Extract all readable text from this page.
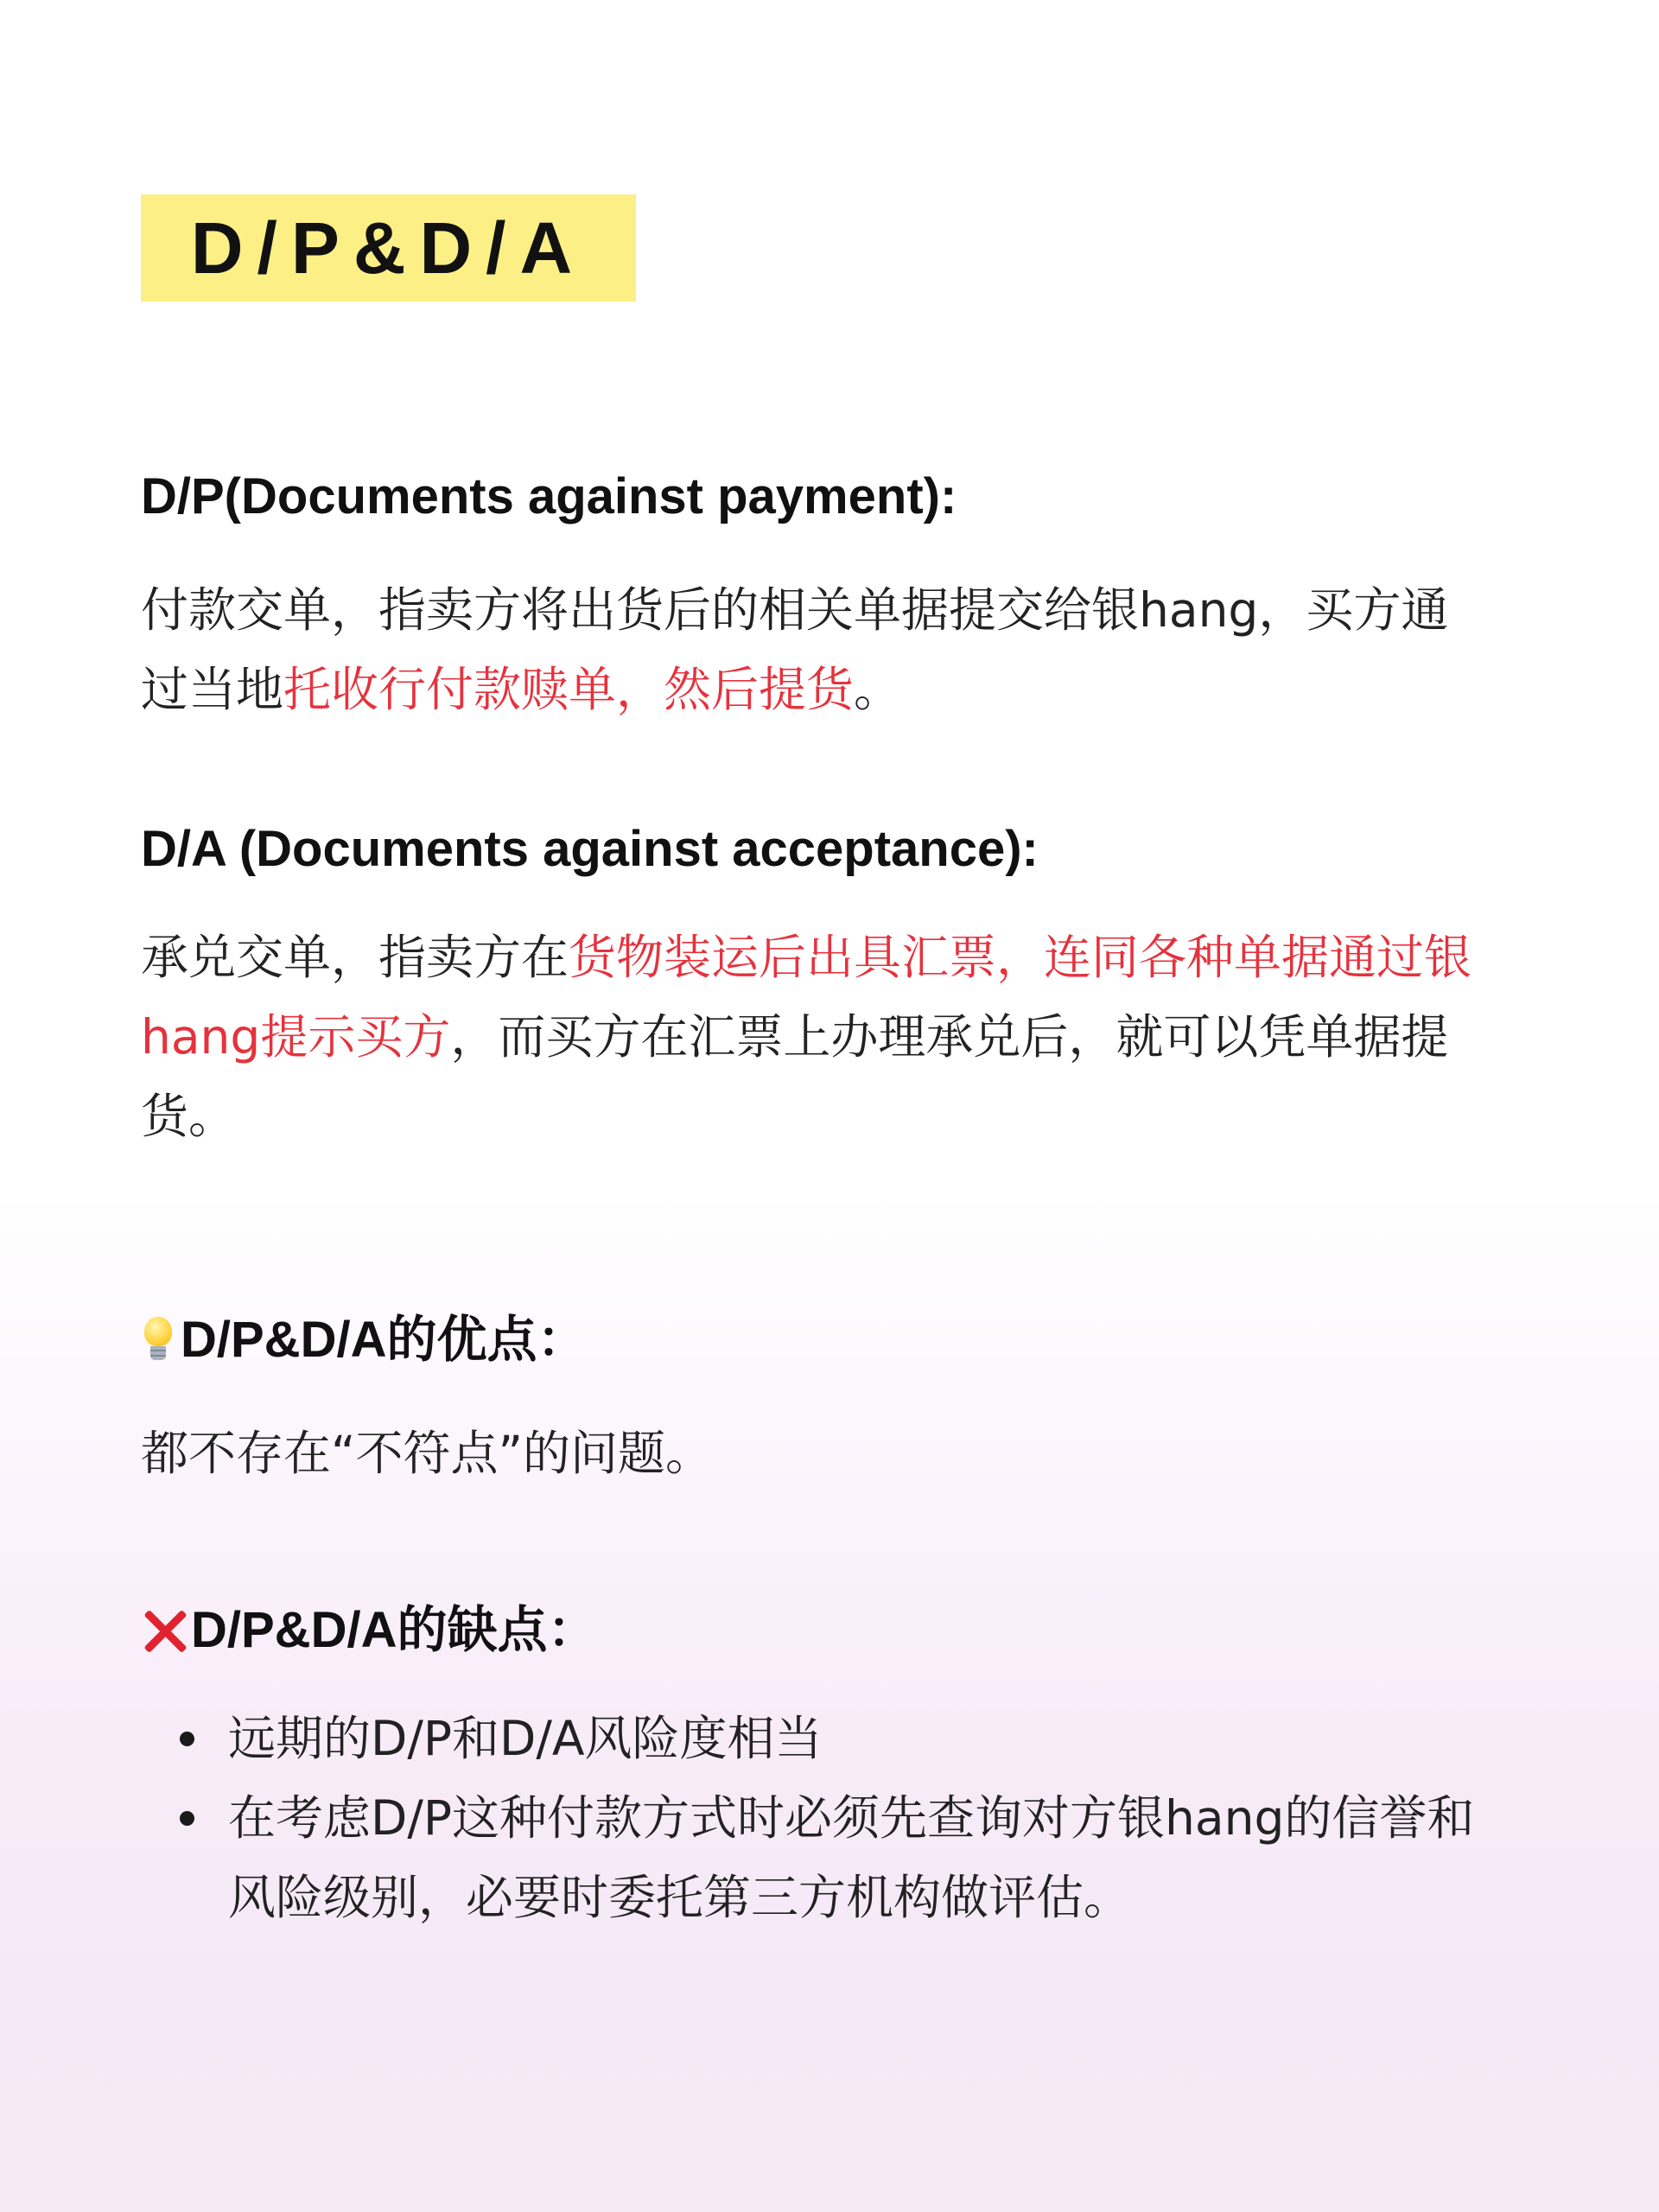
D/P&D/A
D/P(Documents against payment):
付款交单，指卖方将出货后的相关单据提交给银hang，买方通过当地托收行付款赎单，然后提货。
D/A (Documents against acceptance):
承兑交单，指卖方在货物装运后出具汇票，连同各种单据通过银hang提示买方，而买方在汇票上办理承兑后，就可以凭单据提货。
D/P&D/A的优点：
都不存在“不符点”的问题。
D/P&D/A的缺点：
远期的D/P和D/A风险度相当
在考虑D/P这种付款方式时必须先查询对方银hang的信誉和风险级别，必要时委托第三方机构做评估。
